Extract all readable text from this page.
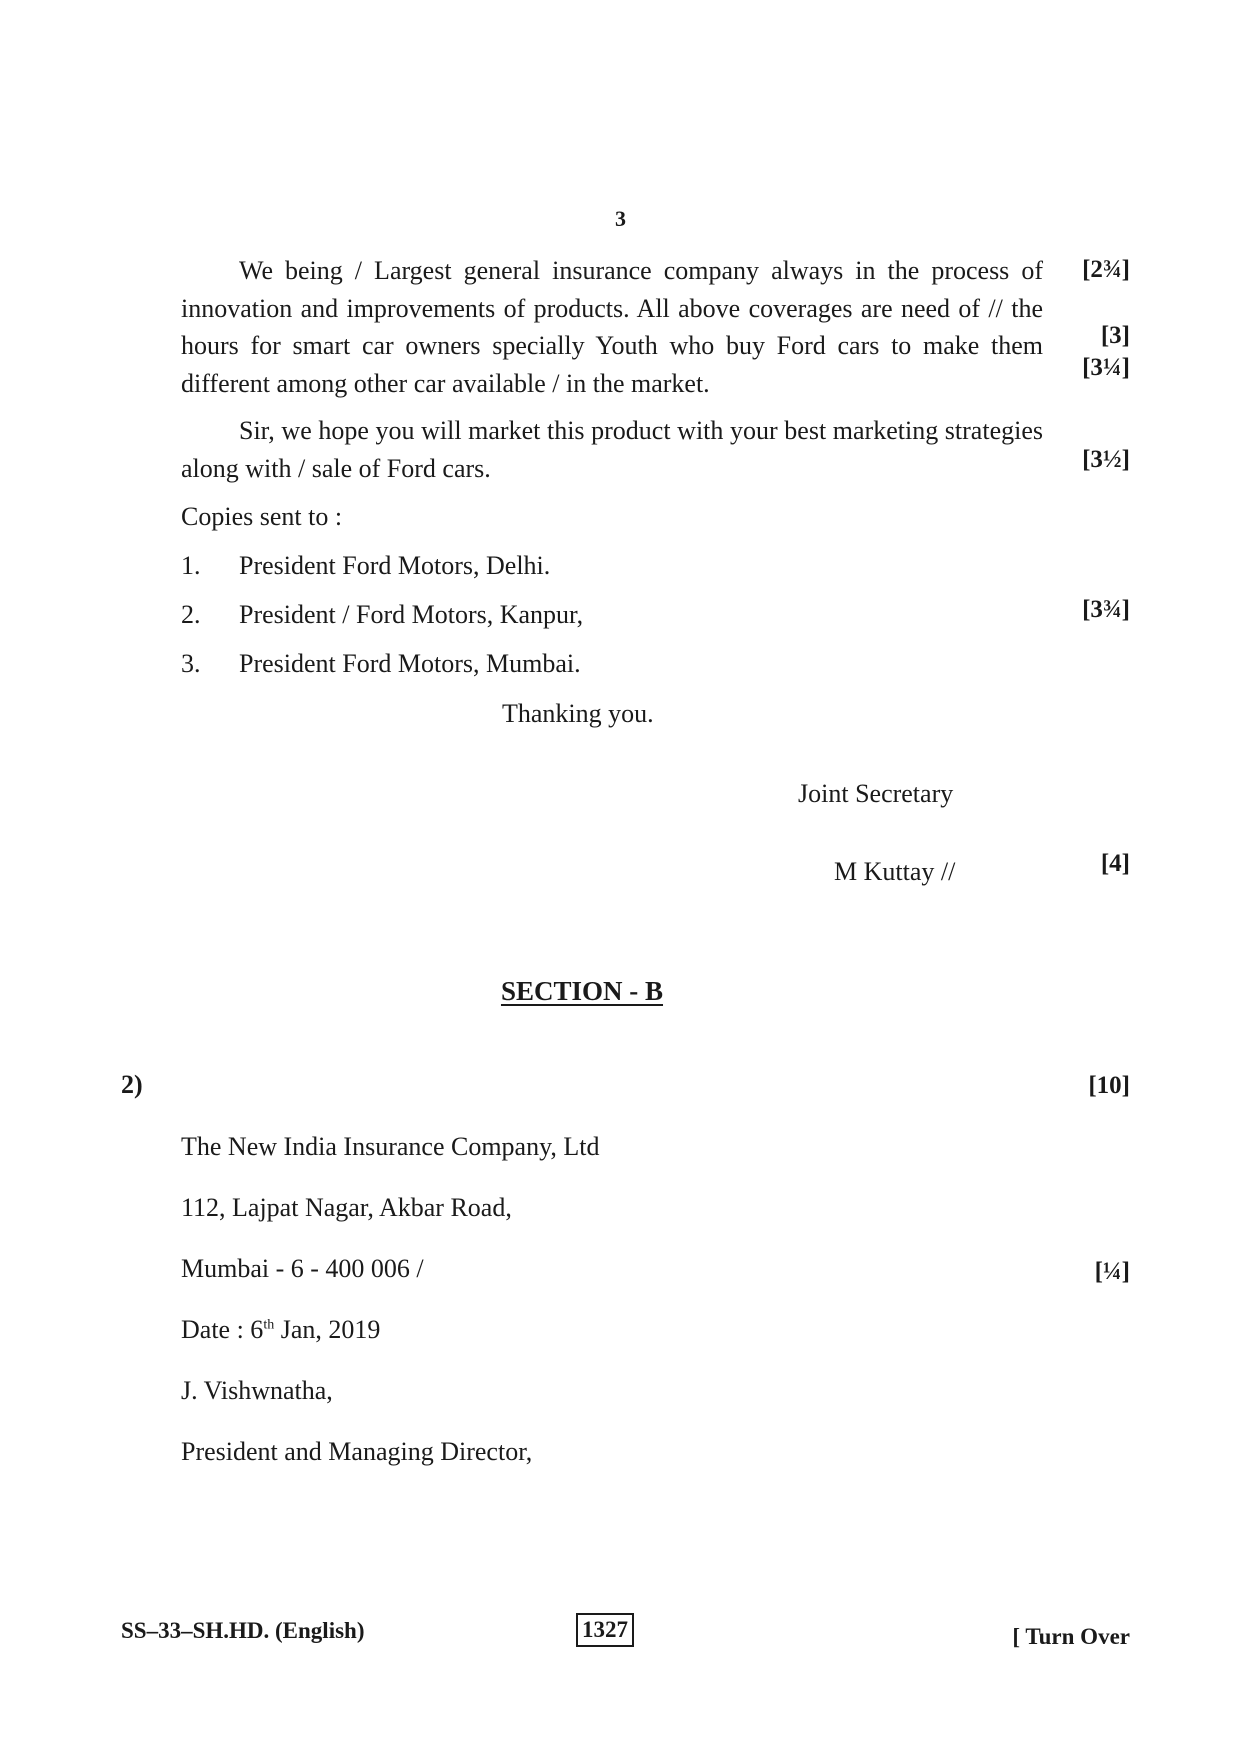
3
We being / Largest general insurance company always in the process of innovation and improvements of products. All above coverages are need of // the hours for smart car owners specially Youth who buy Ford cars to make them different among other car available / in the market.
[2¾]
[3]
[3¼]
Sir, we hope you will market this product with your best marketing strategies along with / sale of Ford cars.	[3½]
Copies sent to :
1. President Ford Motors, Delhi.
2. President / Ford Motors, Kanpur,	[3¾]
3. President Ford Motors, Mumbai.
Thanking you.
Joint Secretary
M Kuttay //	[4]
SECTION - B
2)	[10]
The New India Insurance Company, Ltd
112, Lajpat Nagar, Akbar Road,
Mumbai - 6 - 400 006 /	[¼]
Date : 6th Jan, 2019
J. Vishwnatha,
President and Managing Director,
SS–33–SH.HD. (English)	1327	[ Turn Over
